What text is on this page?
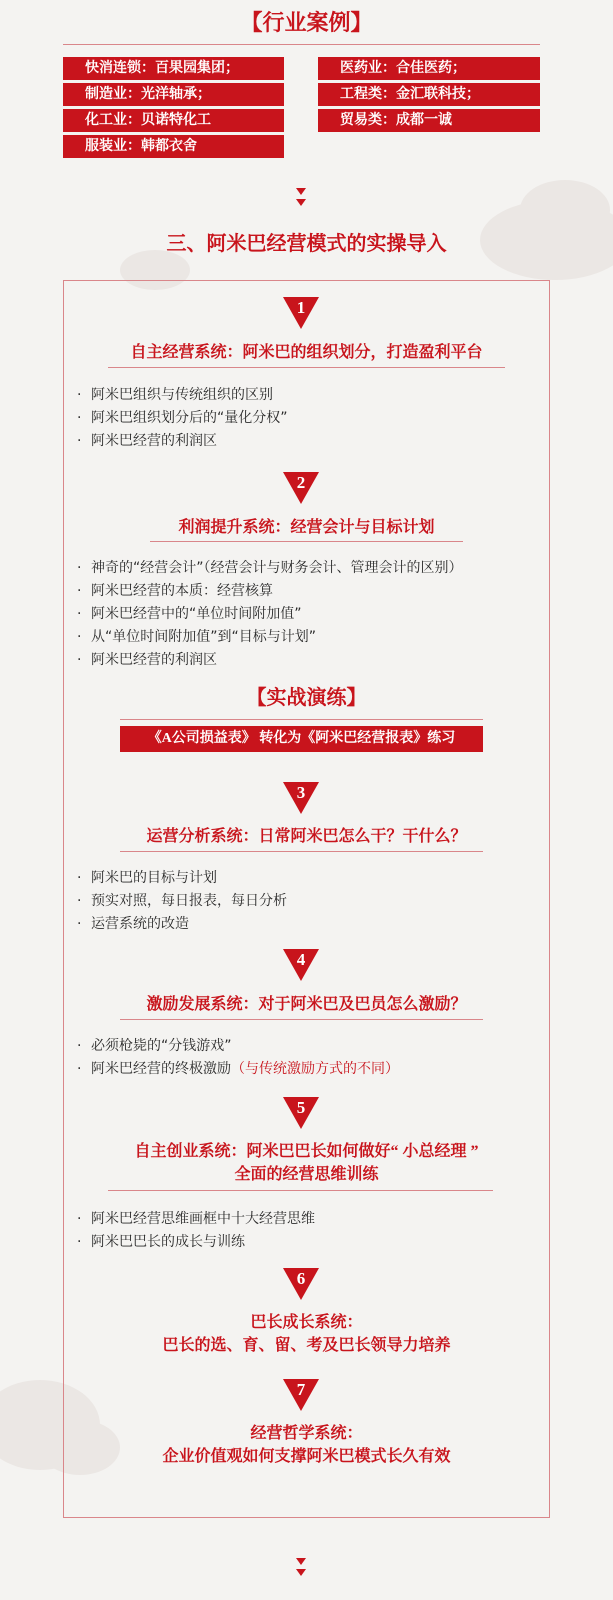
【行业案例】
快消连锁：百果园集团；
制造业：光洋轴承；
化工业：贝诺特化工
服装业：韩都衣舍
医药业：合佳医药；
工程类：金汇联科技；
贸易类：成都一诚
三、阿米巴经营模式的实操导入
1
自主经营系统：阿米巴的组织划分，打造盈利平台
· 阿米巴组织与传统组织的区别
· 阿米巴组织划分后的“量化分权”
· 阿米巴经营的利润区
2
利润提升系统：经营会计与目标计划
· 神奇的“经营会计”（经营会计与财务会计、管理会计的区别）
· 阿米巴经营的本质：经营核算
· 阿米巴经营中的“单位时间附加值”
· 从“单位时间附加值”到“目标与计划”
· 阿米巴经营的利润区
【实战演练】
《A公司损益表》 转化为《阿米巴经营报表》练习
3
运营分析系统：日常阿米巴怎么干？干什么？
· 阿米巴的目标与计划
· 预实对照，每日报表，每日分析
· 运营系统的改造
4
激励发展系统：对于阿米巴及巴员怎么激励？
· 必须枪毙的“分钱游戏”
· 阿米巴经营的终极激励（与传统激励方式的不同）
5
自主创业系统：阿米巴巴长如何做好“ 小总经理 ”
全面的经营思维训练
· 阿米巴经营思维画框中十大经营思维
· 阿米巴巴长的成长与训练
6
巴长成长系统：
巴长的选、育、留、考及巴长领导力培养
7
经营哲学系统：
企业价值观如何支撑阿米巴模式长久有效
